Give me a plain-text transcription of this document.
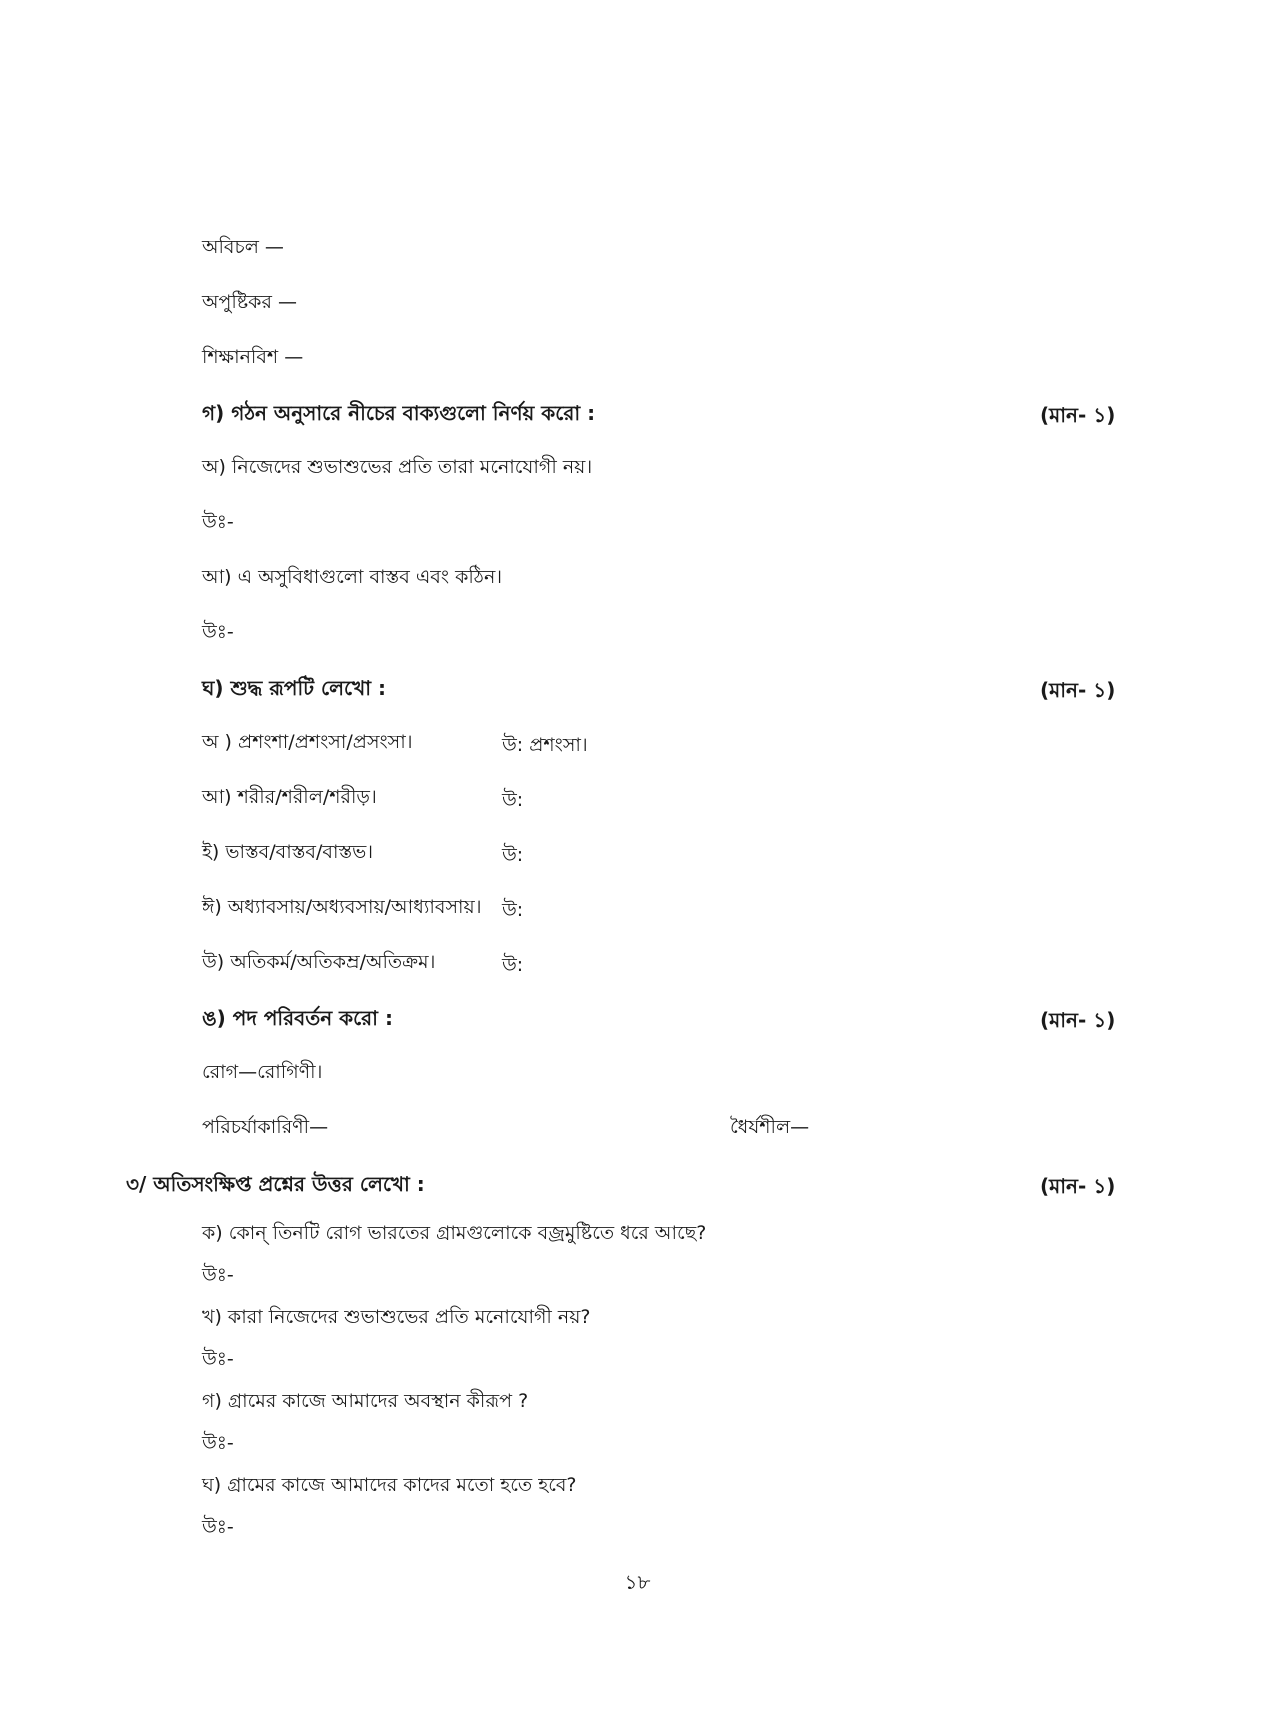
অবিচল —
অপুষ্টিকর —
শিক্ষানবিশ —
গ) গঠন অনুসারে নীচের বাক্যগুলো নির্ণয় করো :	(মান- ১)
অ) নিজেদের শুভাশুভের প্রতি তারা মনোযোগী নয়।
উঃ-
আ) এ অসুবিধাগুলো বাস্তব এবং কঠিন।
উঃ-
ঘ) শুদ্ধ রূপটি লেখো :	(মান- ১)
অ ) প্রশংশা/প্রশংসা/প্রসংসা।	উ: প্রশংসা।
আ) শরীর/শরীল/শরীড়।	উ:
ই) ভাস্তব/বাস্তব/বাস্তভ।	উ:
ঈ) অধ্যাবসায়/অধ্যবসায়/আধ্যাবসায়। উ:
উ) অতিকর্ম/অতিকম্র/অতিক্রম।	উ:
ঙ) পদ পরিবর্তন করো :	(মান- ১)
রোগ—রোগিণী।
পরিচর্যাকারিণী—	ধৈর্যশীল—
৩/ অতিসংক্ষিপ্ত প্রশ্নের উত্তর লেখো :	(মান- ১)
ক) কোন্ তিনটি রোগ ভারতের গ্রামগুলোকে বজ্রমুষ্টিতে ধরে আছে?
উঃ-
খ) কারা নিজেদের শুভাশুভের প্রতি মনোযোগী নয়?
উঃ-
গ) গ্রামের কাজে আমাদের অবস্থান কীরূপ ?
উঃ-
ঘ) গ্রামের কাজে আমাদের কাদের মতো হতে হবে?
উঃ-
১৮
